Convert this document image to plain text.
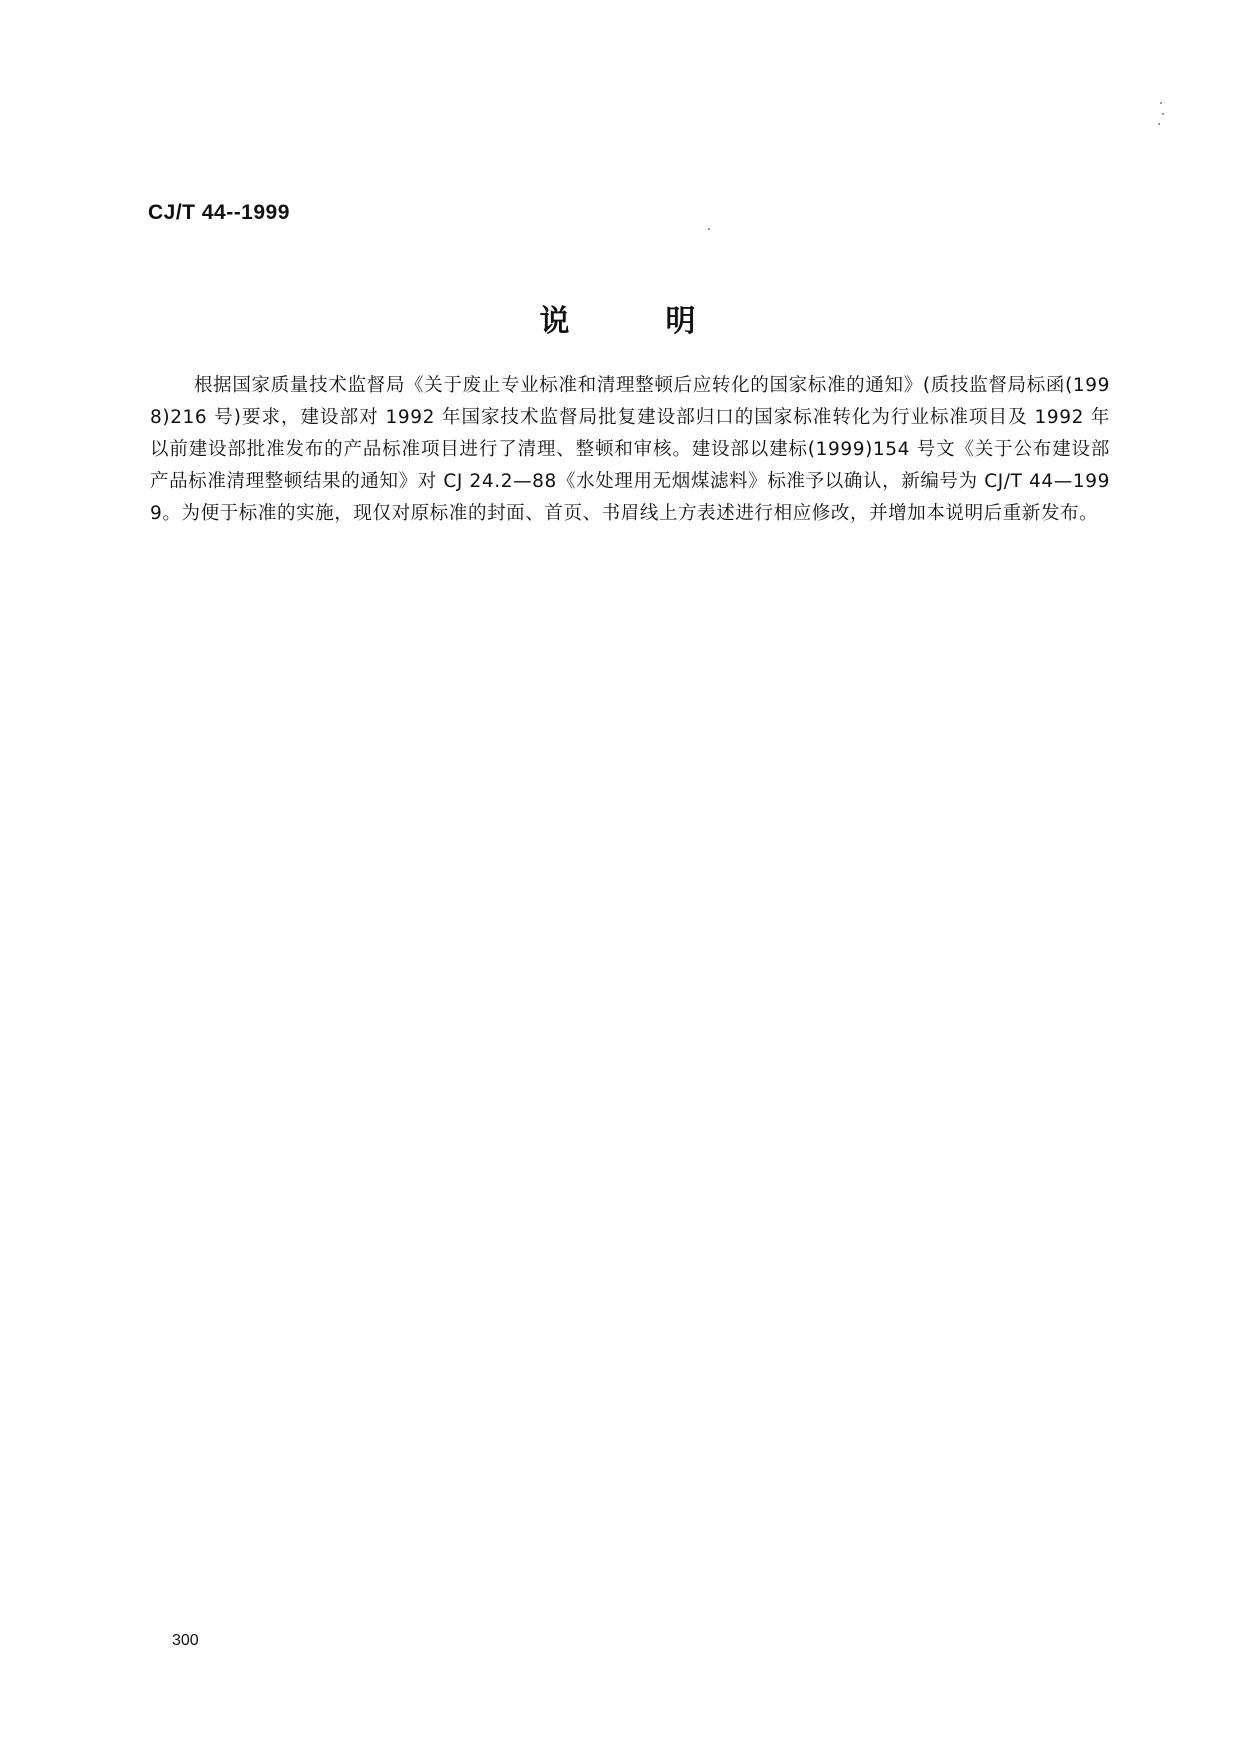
CJ/T 44--1999
说明

根据国家质量技术监督局《关于废止专业标准和清理整顿后应转化的国家标准的通知》(质技监督局标函(1998)216 号)要求，建设部对 1992 年国家技术监督局批复建设部归口的国家标准转化为行业标准项目及 1992 年以前建设部批准发布的产品标准项目进行了清理、整顿和审核。建设部以建标(1999)154 号文《关于公布建设部产品标准清理整顿结果的通知》对 CJ 24.2—88《水处理用无烟煤滤料》标准予以确认，新编号为 CJ/T 44—1999。为便于标准的实施，现仅对原标准的封面、首页、书眉线上方表述进行相应修改，并增加本说明后重新发布。

300
